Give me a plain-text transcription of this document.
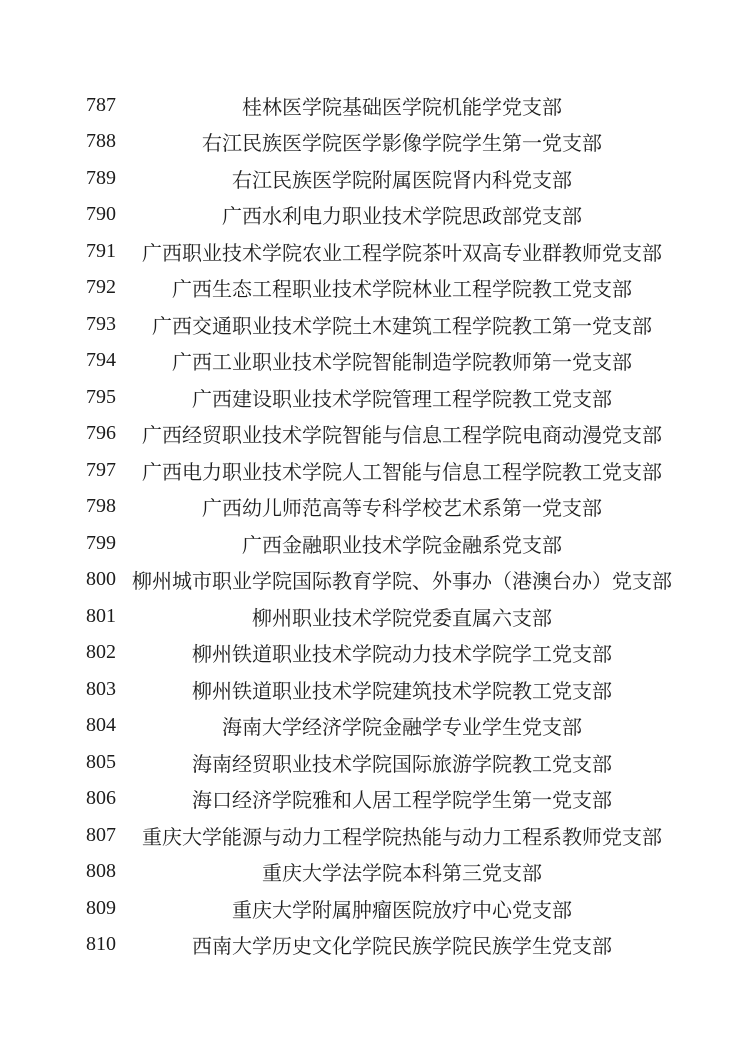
787	桂林医学院基础医学院机能学党支部
788	右江民族医学院医学影像学院学生第一党支部
789	右江民族医学院附属医院肾内科党支部
790	广西水利电力职业技术学院思政部党支部
791	广西职业技术学院农业工程学院茶叶双高专业群教师党支部
792	广西生态工程职业技术学院林业工程学院教工党支部
793	广西交通职业技术学院土木建筑工程学院教工第一党支部
794	广西工业职业技术学院智能制造学院教师第一党支部
795	广西建设职业技术学院管理工程学院教工党支部
796	广西经贸职业技术学院智能与信息工程学院电商动漫党支部
797	广西电力职业技术学院人工智能与信息工程学院教工党支部
798	广西幼儿师范高等专科学校艺术系第一党支部
799	广西金融职业技术学院金融系党支部
800 柳州城市职业学院国际教育学院、外事办（港澳台办）党支部
801	柳州职业技术学院党委直属六支部
802	柳州铁道职业技术学院动力技术学院学工党支部
803	柳州铁道职业技术学院建筑技术学院教工党支部
804	海南大学经济学院金融学专业学生党支部
805	海南经贸职业技术学院国际旅游学院教工党支部
806	海口经济学院雅和人居工程学院学生第一党支部
807	重庆大学能源与动力工程学院热能与动力工程系教师党支部
808	重庆大学法学院本科第三党支部
809	重庆大学附属肿瘤医院放疗中心党支部
810	西南大学历史文化学院民族学院民族学生党支部
